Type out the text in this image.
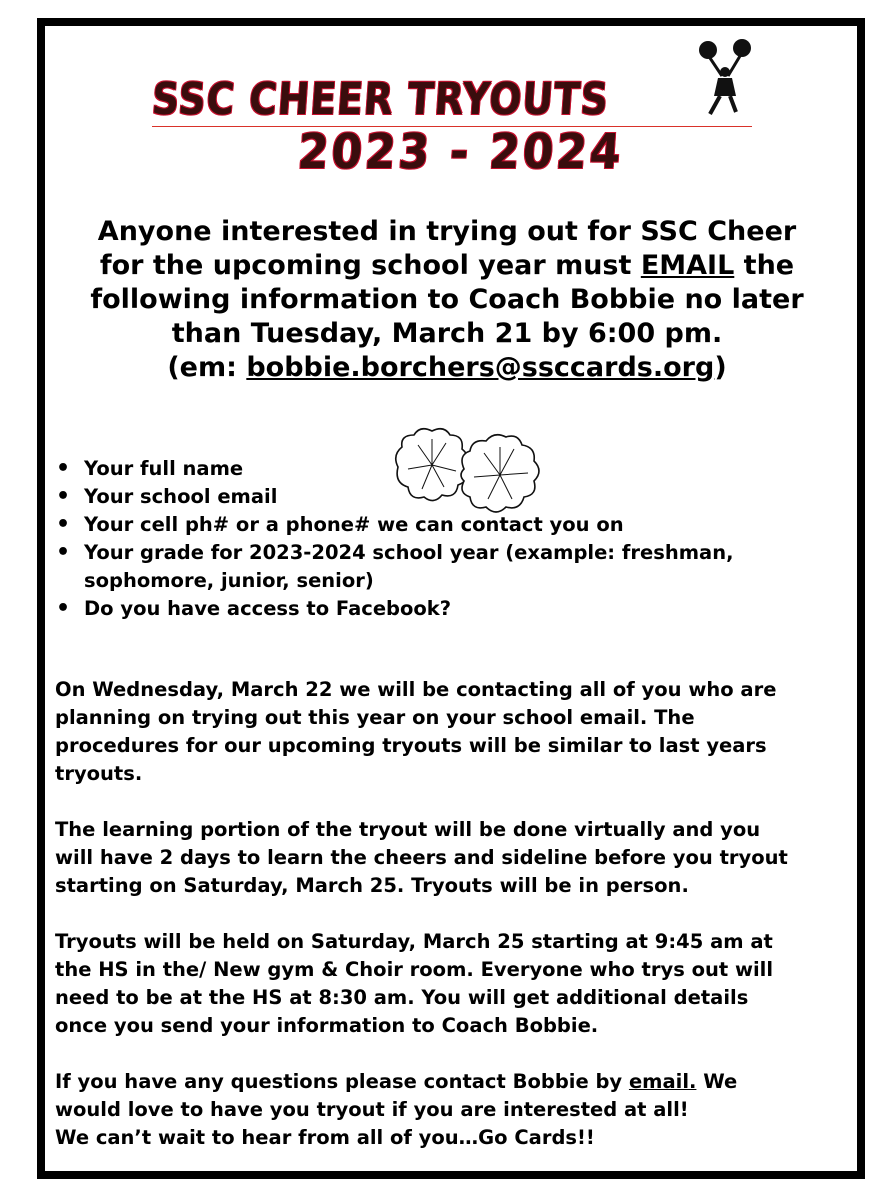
SSC CHEER TRYOUTS
2023 - 2024
Anyone interested in trying out for SSC Cheer
for the upcoming school year must EMAIL the
following information to Coach Bobbie no later
than Tuesday, March 21 by 6:00 pm.
(em: bobbie.borchers@ssccards.org)
• Your full name
• Your school email
• Your cell ph# or a phone# we can contact you on
• Your grade for 2023-2024 school year (example: freshman, sophomore, junior, senior)
• Do you have access to Facebook?
On Wednesday, March 22 we will be contacting all of you who are
planning on trying out this year on your school email. The
procedures for our upcoming tryouts will be similar to last years
tryouts.
The learning portion of the tryout will be done virtually and you
will have 2 days to learn the cheers and sideline before you tryout
starting on Saturday, March 25. Tryouts will be in person.
Tryouts will be held on Saturday, March 25 starting at 9:45 am at
the HS in the/ New gym & Choir room. Everyone who trys out will
need to be at the HS at 8:30 am. You will get additional details
once you send your information to Coach Bobbie.
If you have any questions please contact Bobbie by email. We
would love to have you tryout if you are interested at all!
We can’t wait to hear from all of you…Go Cards!!
